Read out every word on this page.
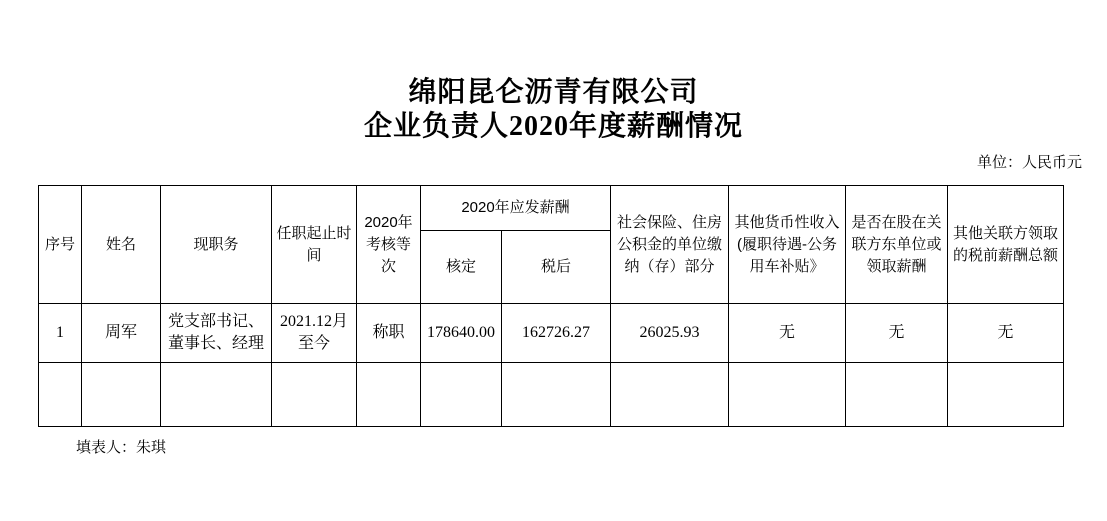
绵阳昆仑沥青有限公司
企业负责人2020年度薪酬情况
单位：人民币元
序号	姓名	现职务	任职起止时间	2020年考核等次	2020年应发薪酬		社会保险、住房公积金的单位缴纳（存）部分	其他货币性收入(履职待遇-公务用车补贴》	是否在股在关联方东单位或领取薪酬	其他关联方领取的税前薪酬总额
					核定	税后				
1	周军	党支部书记、董事长、经理	2021.12月至今	称职	178640.00	162726.27	26025.93	无	无	无

填表人：朱琪
